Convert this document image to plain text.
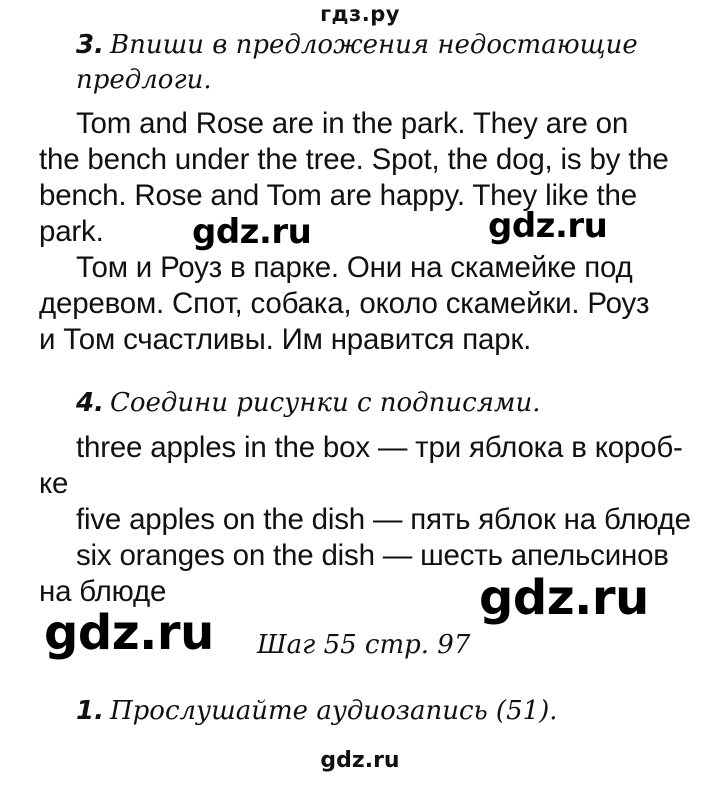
гдз.ру
3. Впиши в предложения недостающие
предлоги.
Tom and Rose are in the park. They are on
the bench under the tree. Spot, the dog, is by the
bench. Rose and Tom are happy. They like the
park.
Том и Роуз в парке. Они на скамейке под
деревом. Спот, собака, около скамейки. Роуз
и Том счастливы. Им нравится парк.
4. Соедини рисунки с подписями.
three apples in the box — три яблока в короб-
ке
five apples on the dish — пять яблок на блюде
six oranges on the dish — шесть апельсинов
на блюде
Шаг 55 стр. 97
1. Прослушайте аудиозапись (51).
gdz.ru	gdz.ru
gdz.ru
gdz.ru
gdz.ru
